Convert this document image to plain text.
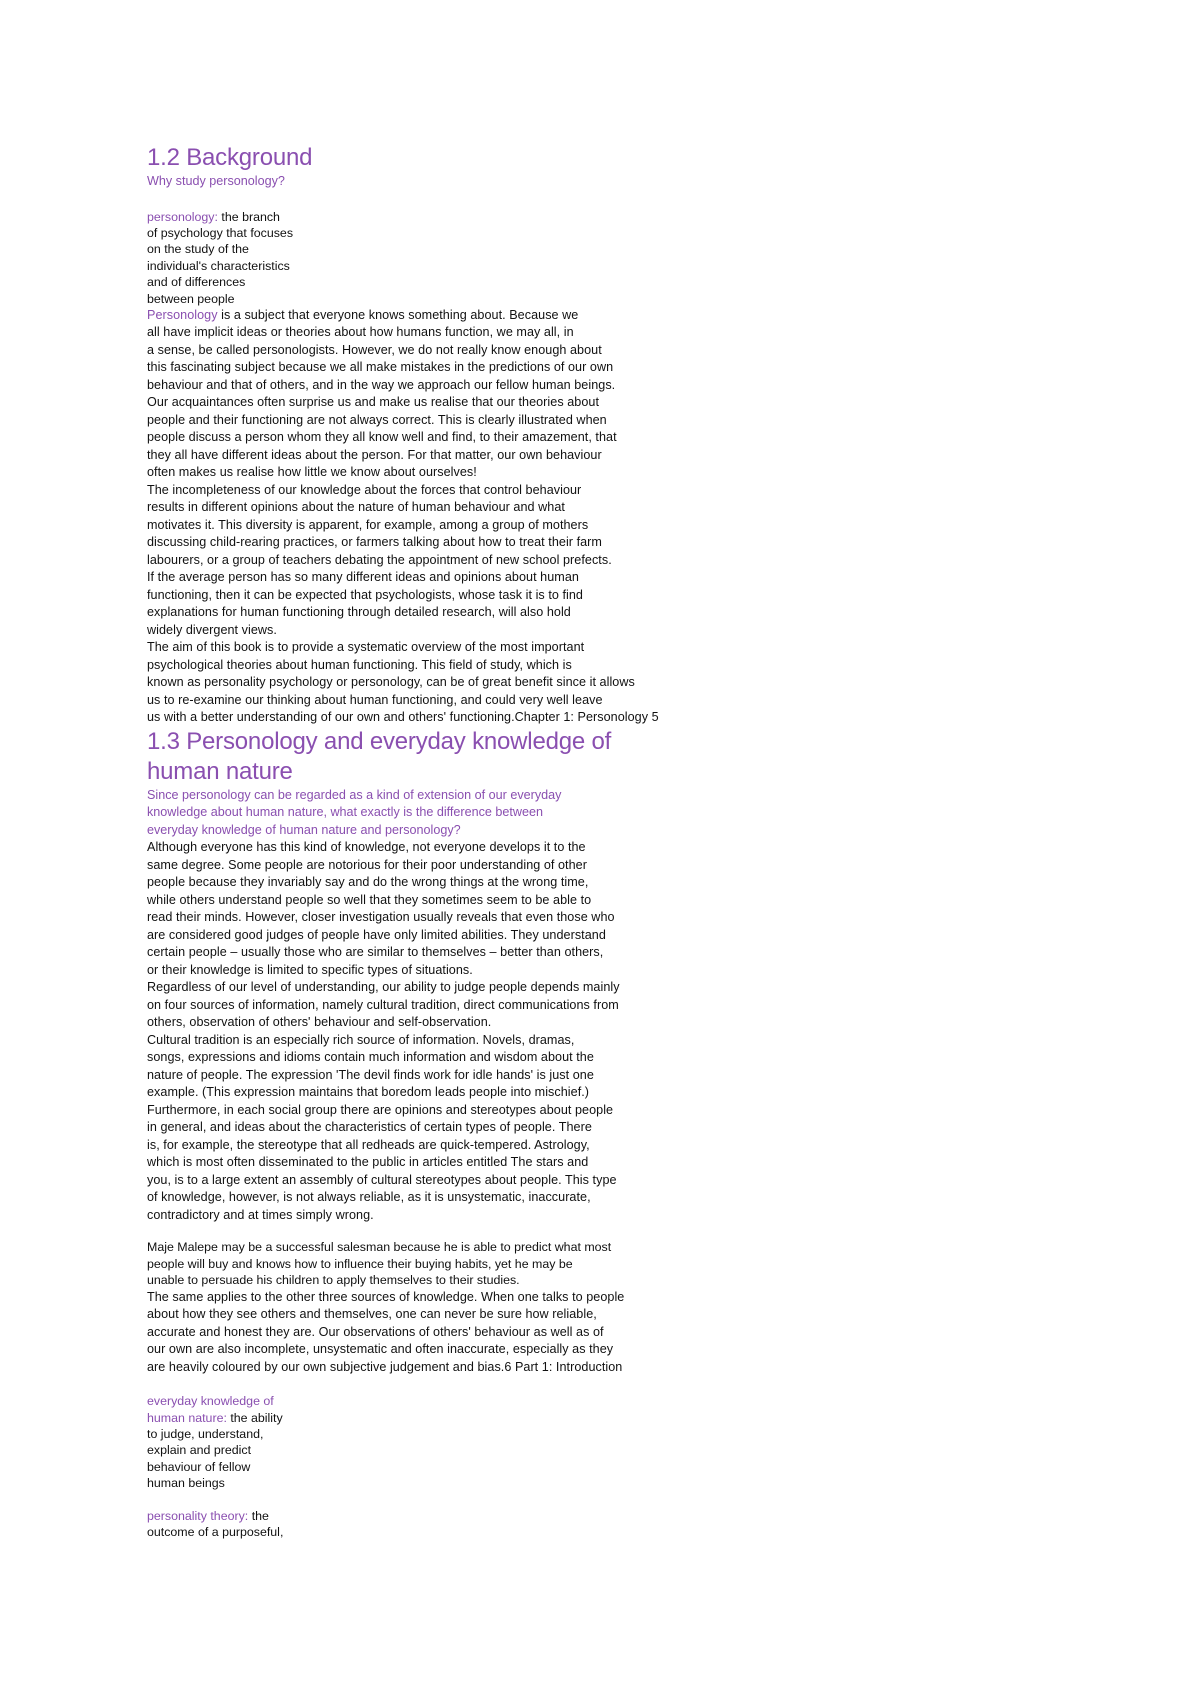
1.2 Background
Why study personology?
personology: the branch
of psychology that focuses
on the study of the
individual's characteristics
and of differences
between people
Personology is a subject that everyone knows something about. Because we
all have implicit ideas or theories about how humans function, we may all, in
a sense, be called personologists. However, we do not really know enough about
this fascinating subject because we all make mistakes in the predictions of our own
behaviour and that of others, and in the way we approach our fellow human beings.
Our acquaintances often surprise us and make us realise that our theories about
people and their functioning are not always correct. This is clearly illustrated when
people discuss a person whom they all know well and find, to their amazement, that
they all have different ideas about the person. For that matter, our own behaviour
often makes us realise how little we know about ourselves!
The incompleteness of our knowledge about the forces that control behaviour
results in different opinions about the nature of human behaviour and what
motivates it. This diversity is apparent, for example, among a group of mothers
discussing child-rearing practices, or farmers talking about how to treat their farm
labourers, or a group of teachers debating the appointment of new school prefects.
If the average person has so many different ideas and opinions about human
functioning, then it can be expected that psychologists, whose task it is to find
explanations for human functioning through detailed research, will also hold
widely divergent views.
The aim of this book is to provide a systematic overview of the most important
psychological theories about human functioning. This field of study, which is
known as personality psychology or personology, can be of great benefit since it allows
us to re-examine our thinking about human functioning, and could very well leave
us with a better understanding of our own and others' functioning.Chapter 1: Personology 5
1.3 Personology and everyday knowledge of
human nature
Since personology can be regarded as a kind of extension of our everyday
knowledge about human nature, what exactly is the difference between
everyday knowledge of human nature and personology?
Although everyone has this kind of knowledge, not everyone develops it to the
same degree. Some people are notorious for their poor understanding of other
people because they invariably say and do the wrong things at the wrong time,
while others understand people so well that they sometimes seem to be able to
read their minds. However, closer investigation usually reveals that even those who
are considered good judges of people have only limited abilities. They understand
certain people – usually those who are similar to themselves – better than others,
or their knowledge is limited to specific types of situations.
Regardless of our level of understanding, our ability to judge people depends mainly
on four sources of information, namely cultural tradition, direct communications from
others, observation of others' behaviour and self-observation.
Cultural tradition is an especially rich source of information. Novels, dramas,
songs, expressions and idioms contain much information and wisdom about the
nature of people. The expression 'The devil finds work for idle hands' is just one
example. (This expression maintains that boredom leads people into mischief.)
Furthermore, in each social group there are opinions and stereotypes about people
in general, and ideas about the characteristics of certain types of people. There
is, for example, the stereotype that all redheads are quick-tempered. Astrology,
which is most often disseminated to the public in articles entitled The stars and
you, is to a large extent an assembly of cultural stereotypes about people. This type
of knowledge, however, is not always reliable, as it is unsystematic, inaccurate,
contradictory and at times simply wrong.
Maje Malepe may be a successful salesman because he is able to predict what most
people will buy and knows how to influence their buying habits, yet he may be
unable to persuade his children to apply themselves to their studies.
The same applies to the other three sources of knowledge. When one talks to people
about how they see others and themselves, one can never be sure how reliable,
accurate and honest they are. Our observations of others' behaviour as well as of
our own are also incomplete, unsystematic and often inaccurate, especially as they
are heavily coloured by our own subjective judgement and bias.6 Part 1: Introduction
everyday knowledge of
human nature: the ability
to judge, understand,
explain and predict
behaviour of fellow
human beings
personality theory: the
outcome of a purposeful,
